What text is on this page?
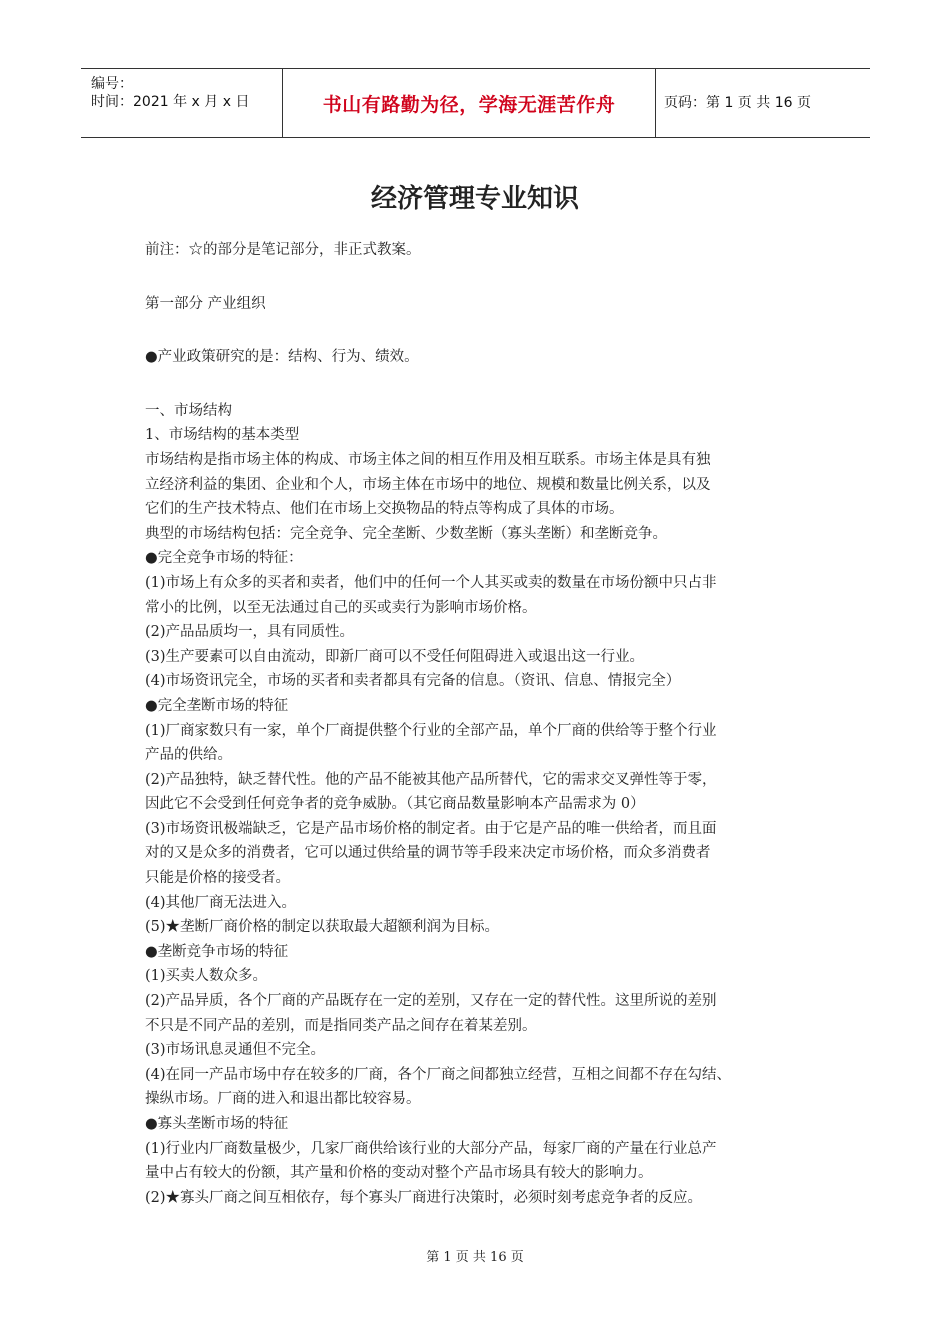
编号：
时间：2021 年 x 月 x 日	书山有路勤为径，学海无涯苦作舟	页码：第 1 页 共 16 页
经济管理专业知识

前注：☆的部分是笔记部分，非正式教案。

第一部分 产业组织

●产业政策研究的是：结构、行为、绩效。

一、市场结构

1、市场结构的基本类型

市场结构是指市场主体的构成、市场主体之间的相互作用及相互联系。市场主体是具有独

立经济利益的集团、企业和个人，市场主体在市场中的地位、规模和数量比例关系，以及

它们的生产技术特点、他们在市场上交换物品的特点等构成了具体的市场。

典型的市场结构包括：完全竞争、完全垄断、少数垄断（寡头垄断）和垄断竞争。

●完全竞争市场的特征：

(1)市场上有众多的买者和卖者，他们中的任何一个人其买或卖的数量在市场份额中只占非

常小的比例，以至无法通过自己的买或卖行为影响市场价格。

(2)产品品质均一，具有同质性。

(3)生产要素可以自由流动，即新厂商可以不受任何阻碍进入或退出这一行业。

(4)市场资讯完全，市场的买者和卖者都具有完备的信息。（资讯、信息、情报完全）

●完全垄断市场的特征

(1)厂商家数只有一家，单个厂商提供整个行业的全部产品，单个厂商的供给等于整个行业

产品的供给。

(2)产品独特，缺乏替代性。他的产品不能被其他产品所替代，它的需求交叉弹性等于零，

因此它不会受到任何竞争者的竞争威胁。（其它商品数量影响本产品需求为 0）

(3)市场资讯极端缺乏，它是产品市场价格的制定者。由于它是产品的唯一供给者，而且面

对的又是众多的消费者，它可以通过供给量的调节等手段来决定市场价格，而众多消费者

只能是价格的接受者。

(4)其他厂商无法进入。

(5)★垄断厂商价格的制定以获取最大超额利润为目标。

●垄断竞争市场的特征

(1)买卖人数众多。

(2)产品异质，各个厂商的产品既存在一定的差别，又存在一定的替代性。这里所说的差别

不只是不同产品的差别，而是指同类产品之间存在着某差别。

(3)市场讯息灵通但不完全。

(4)在同一产品市场中存在较多的厂商，各个厂商之间都独立经营，互相之间都不存在勾结、

操纵市场。厂商的进入和退出都比较容易。

●寡头垄断市场的特征

(1)行业内厂商数量极少，几家厂商供给该行业的大部分产品，每家厂商的产量在行业总产

量中占有较大的份额，其产量和价格的变动对整个产品市场具有较大的影响力。

(2)★寡头厂商之间互相依存，每个寡头厂商进行决策时，必须时刻考虑竞争者的反应。

第 1 页 共 16 页
